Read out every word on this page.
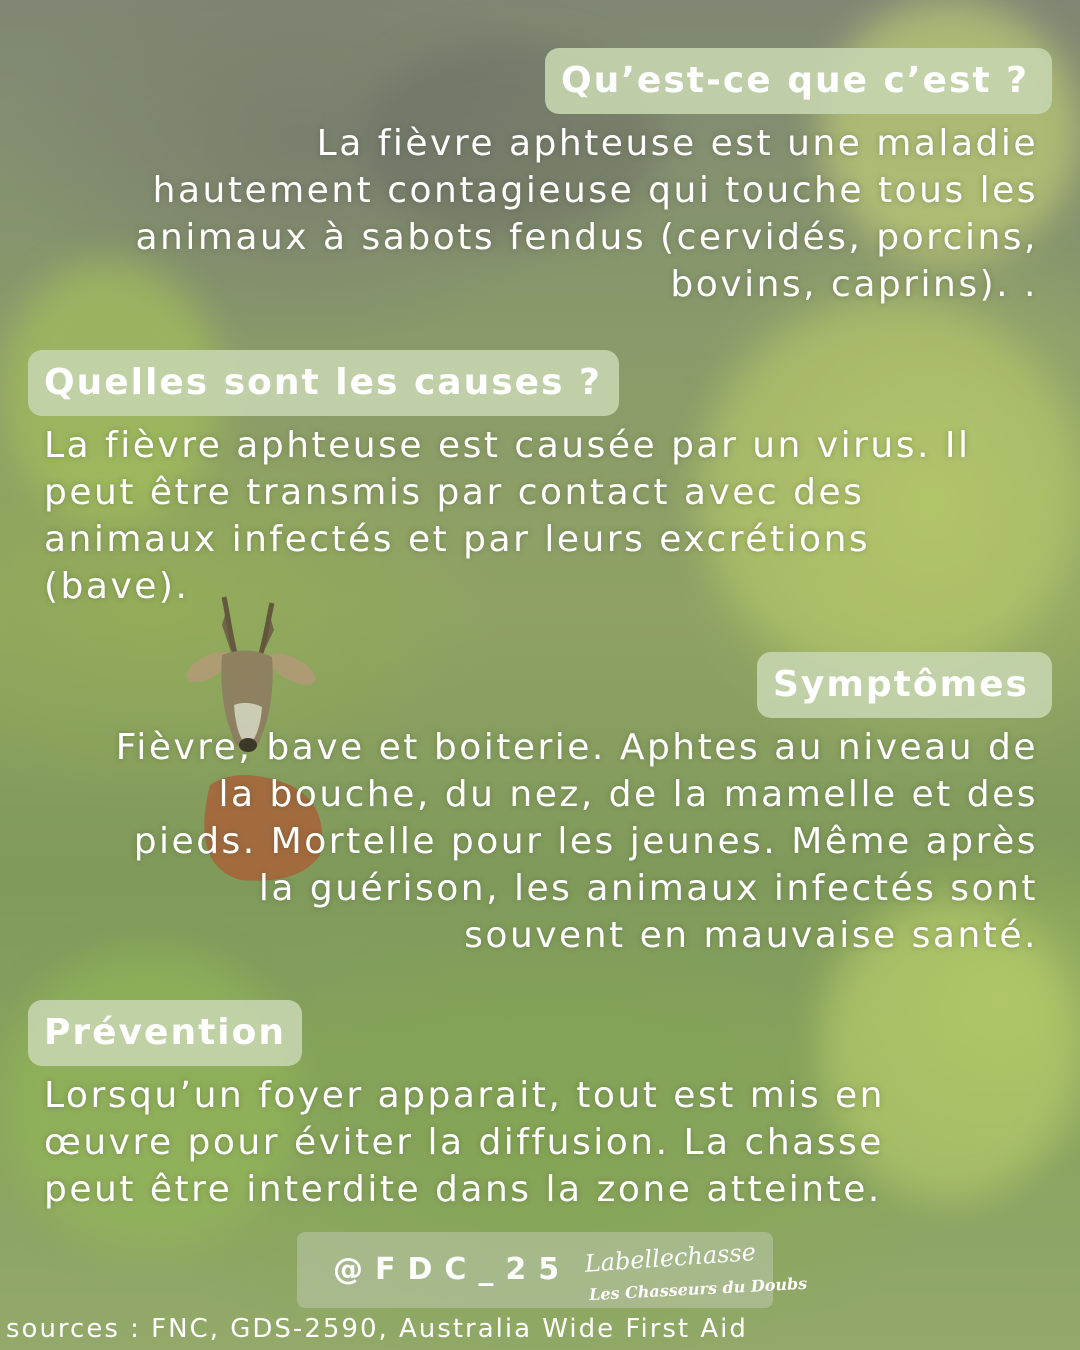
Qu’est-ce que c’est ?
La fièvre aphteuse est une maladie
hautement contagieuse qui touche tous les
animaux à sabots fendus (cervidés, porcins,
bovins, caprins). .
Quelles sont les causes ?
La fièvre aphteuse est causée par un virus. Il
peut être transmis par contact avec des
animaux infectés et par leurs excrétions
(bave).
Symptômes
Fièvre, bave et boiterie. Aphtes au niveau de
la bouche, du nez, de la mamelle et des
pieds. Mortelle pour les jeunes. Même après
la guérison, les animaux infectés sont
souvent en mauvaise santé.
Prévention
Lorsqu’un foyer apparait, tout est mis en
œuvre pour éviter la diffusion. La chasse
peut être interdite dans la zone atteinte.
@FDC_25 Labellechasse
Les Chasseurs du Doubs
sources : FNC, GDS-2590, Australia Wide First Aid
